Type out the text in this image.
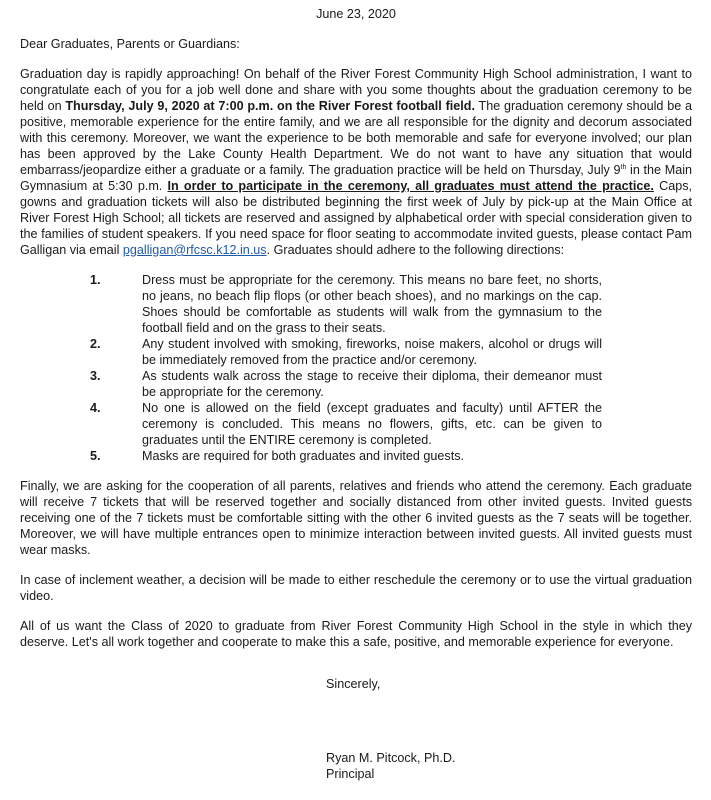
June 23, 2020
Dear Graduates, Parents or Guardians:

Graduation day is rapidly approaching! On behalf of the River Forest Community High School administration, I want to congratulate each of you for a job well done and share with you some thoughts about the graduation ceremony to be held on Thursday, July 9, 2020 at 7:00 p.m. on the River Forest football field. The graduation ceremony should be a positive, memorable experience for the entire family, and we are all responsible for the dignity and decorum associated with this ceremony. Moreover, we want the experience to be both memorable and safe for everyone involved; our plan has been approved by the Lake County Health Department. We do not want to have any situation that would embarrass/jeopardize either a graduate or a family. The graduation practice will be held on Thursday, July 9th in the Main Gymnasium at 5:30 p.m. In order to participate in the ceremony, all graduates must attend the practice. Caps, gowns and graduation tickets will also be distributed beginning the first week of July by pick-up at the Main Office at River Forest High School; all tickets are reserved and assigned by alphabetical order with special consideration given to the families of student speakers. If you need space for floor seating to accommodate invited guests, please contact Pam Galligan via email pgalligan@rfcsc.k12.in.us. Graduates should adhere to the following directions:

1.	Dress must be appropriate for the ceremony. This means no bare feet, no shorts, no jeans, no beach flip flops (or other beach shoes), and no markings on the cap. Shoes should be comfortable as students will walk from the gymnasium to the football field and on the grass to their seats.
2.	Any student involved with smoking, fireworks, noise makers, alcohol or drugs will be immediately removed from the practice and/or ceremony.
3.	As students walk across the stage to receive their diploma, their demeanor must be appropriate for the ceremony.
4.	No one is allowed on the field (except graduates and faculty) until AFTER the ceremony is concluded. This means no flowers, gifts, etc. can be given to graduates until the ENTIRE ceremony is completed.
5.	Masks are required for both graduates and invited guests.

Finally, we are asking for the cooperation of all parents, relatives and friends who attend the ceremony. Each graduate will receive 7 tickets that will be reserved together and socially distanced from other invited guests. Invited guests receiving one of the 7 tickets must be comfortable sitting with the other 6 invited guests as the 7 seats will be together. Moreover, we will have multiple entrances open to minimize interaction between invited guests. All invited guests must wear masks.

In case of inclement weather, a decision will be made to either reschedule the ceremony or to use the virtual graduation video.

All of us want the Class of 2020 to graduate from River Forest Community High School in the style in which they deserve. Let's all work together and cooperate to make this a safe, positive, and memorable experience for everyone.

Sincerely,
Ryan M. Pitcock, Ph.D.
Principal
